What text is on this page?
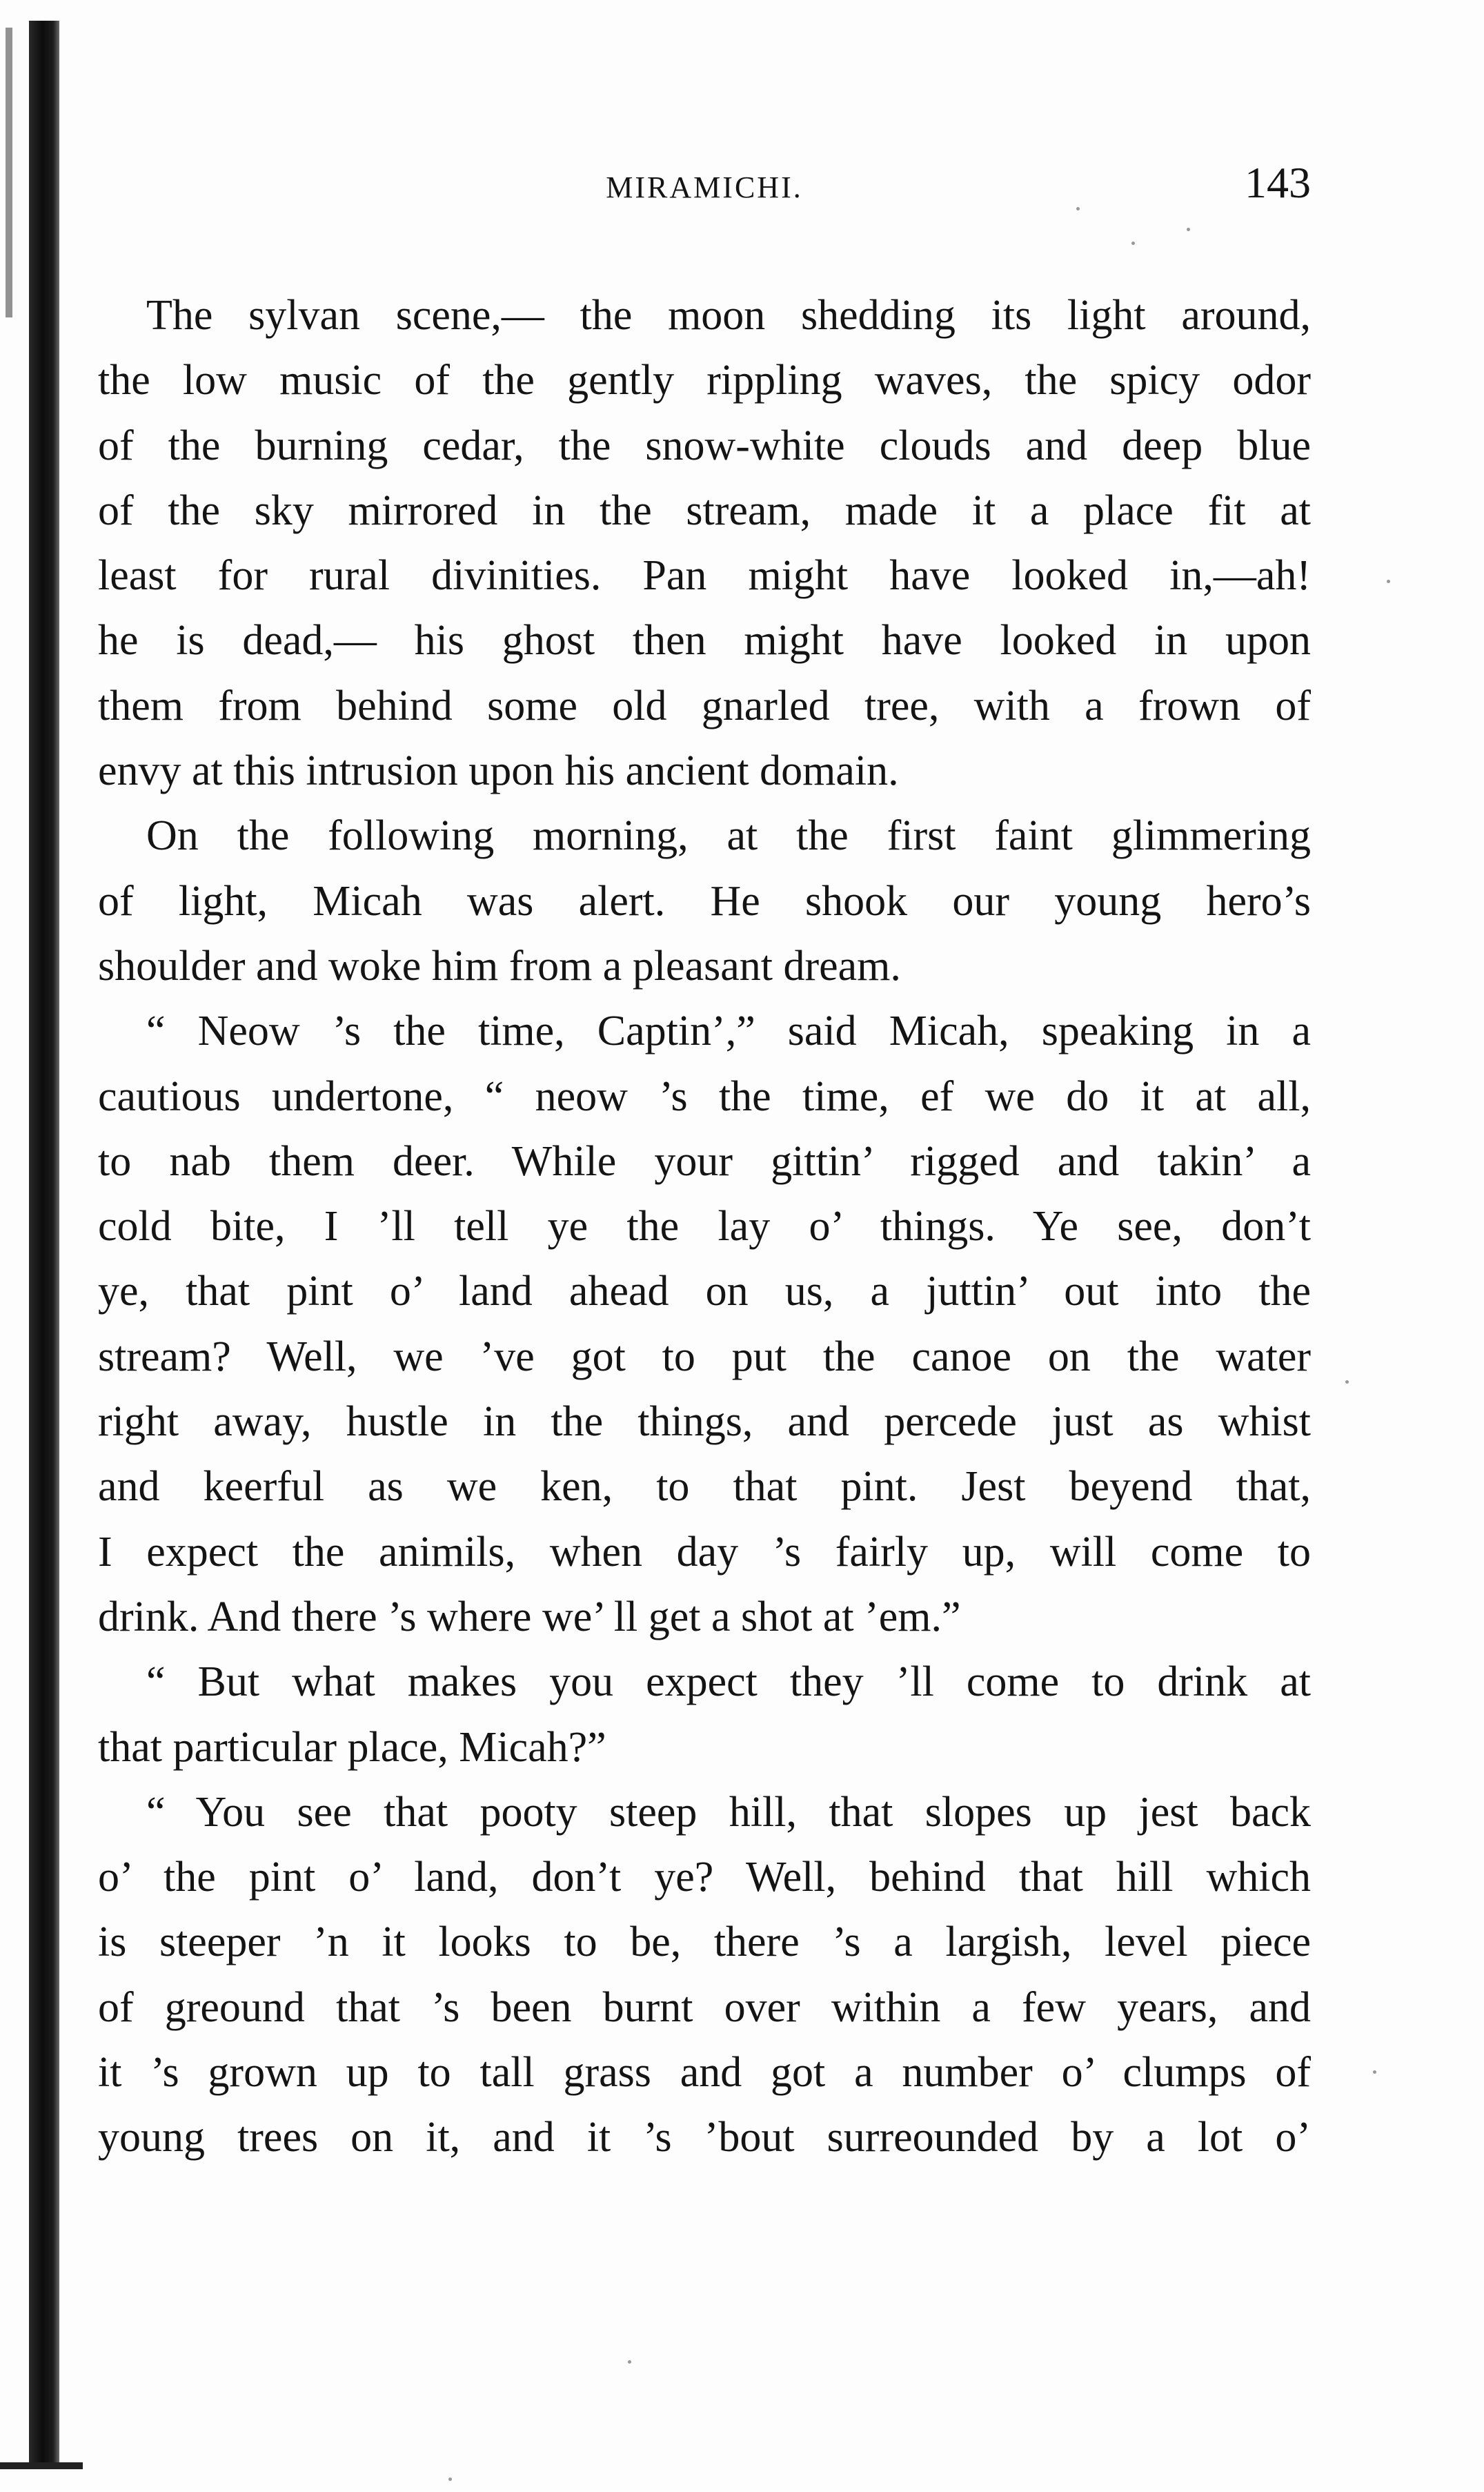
MIRAMICHI.	143
The sylvan scene,— the moon shedding its light around,
the low music of the gently rippling waves, the spicy odor
of the burning cedar, the snow-white clouds and deep blue
of the sky mirrored in the stream, made it a place fit at
least for rural divinities. Pan might have looked in,—ah!
he is dead,— his ghost then might have looked in upon
them from behind some old gnarled tree, with a frown of
envy at this intrusion upon his ancient domain.
On the following morning, at the first faint glimmering
of light, Micah was alert. He shook our young hero’s
shoulder and woke him from a pleasant dream.
“ Neow ’s the time, Captin’,” said Micah, speaking in a
cautious undertone, “ neow ’s the time, ef we do it at all,
to nab them deer. While your gittin’ rigged and takin’ a
cold bite, I ’ll tell ye the lay o’ things. Ye see, don’t
ye, that pint o’ land ahead on us, a juttin’ out into the
stream? Well, we ’ve got to put the canoe on the water
right away, hustle in the things, and percede just as whist
and keerful as we ken, to that pint. Jest beyend that,
I expect the animils, when day ’s fairly up, will come to
drink. And there ’s where we’ ll get a shot at ’em.”
“ But what makes you expect they ’ll come to drink at
that particular place, Micah?”
“ You see that pooty steep hill, that slopes up jest back
o’ the pint o’ land, don’t ye? Well, behind that hill which
is steeper ’n it looks to be, there ’s a largish, level piece
of greound that ’s been burnt over within a few years, and
it ’s grown up to tall grass and got a number o’ clumps of
young trees on it, and it ’s ’bout surreounded by a lot o’
